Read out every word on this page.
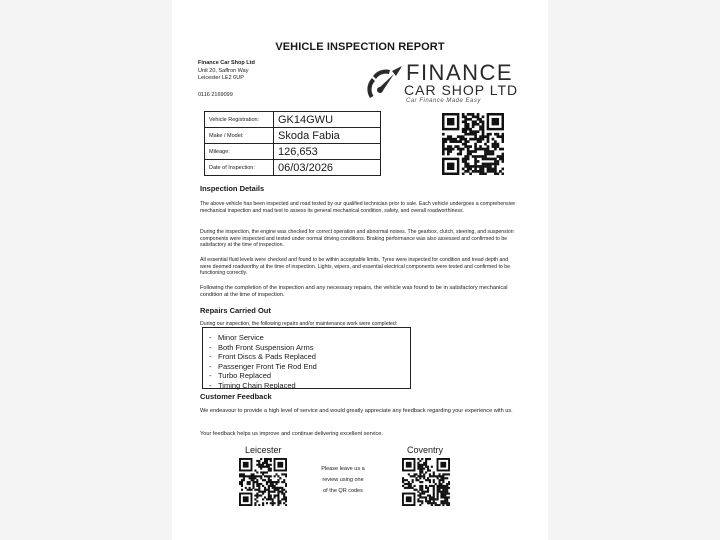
VEHICLE INSPECTION REPORT
Finance Car Shop Ltd
Unit 20, Saffron Way
Leicester LE2 6UP
0116 2169099
FINANCE
CAR SHOP LTD
Car Finance Made Easy
Vehicle Registration:	GK14GWU
Make / Model:	Skoda Fabia
Mileage:	126,653
Date of Inspection:	06/03/2026
Inspection Details
The above vehicle has been inspected and road tested by our qualified technician prior to sale. Each vehicle undergoes a comprehensive mechanical inspection and road test to assess its general mechanical condition, safety, and overall roadworthiness.
During the inspection, the engine was checked for correct operation and abnormal noises. The gearbox, clutch, steering, and suspension components were inspected and tested under normal driving conditions. Braking performance was also assessed and confirmed to be satisfactory at the time of inspection.
All essential fluid levels were checked and found to be within acceptable limits. Tyres were inspected for condition and tread depth and were deemed roadworthy at the time of inspection. Lights, wipers, and essential electrical components were tested and confirmed to be functioning correctly.
Following the completion of the inspection and any necessary repairs, the vehicle was found to be in satisfactory mechanical condition at the time of inspection.
Repairs Carried Out
During our inspection, the following repairs and/or maintenance work were completed:
- Minor Service
- Both Front Suspension Arms
- Front Discs & Pads Replaced
- Passenger Front Tie Rod End
- Turbo Replaced
- Timing Chain Replaced
Customer Feedback
We endeavour to provide a high level of service and would greatly appreciate any feedback regarding your experience with us.
Your feedback helps us improve and continue delivering excellent service.
Leicester	Coventry
Please leave us a
review using one
of the QR codes
